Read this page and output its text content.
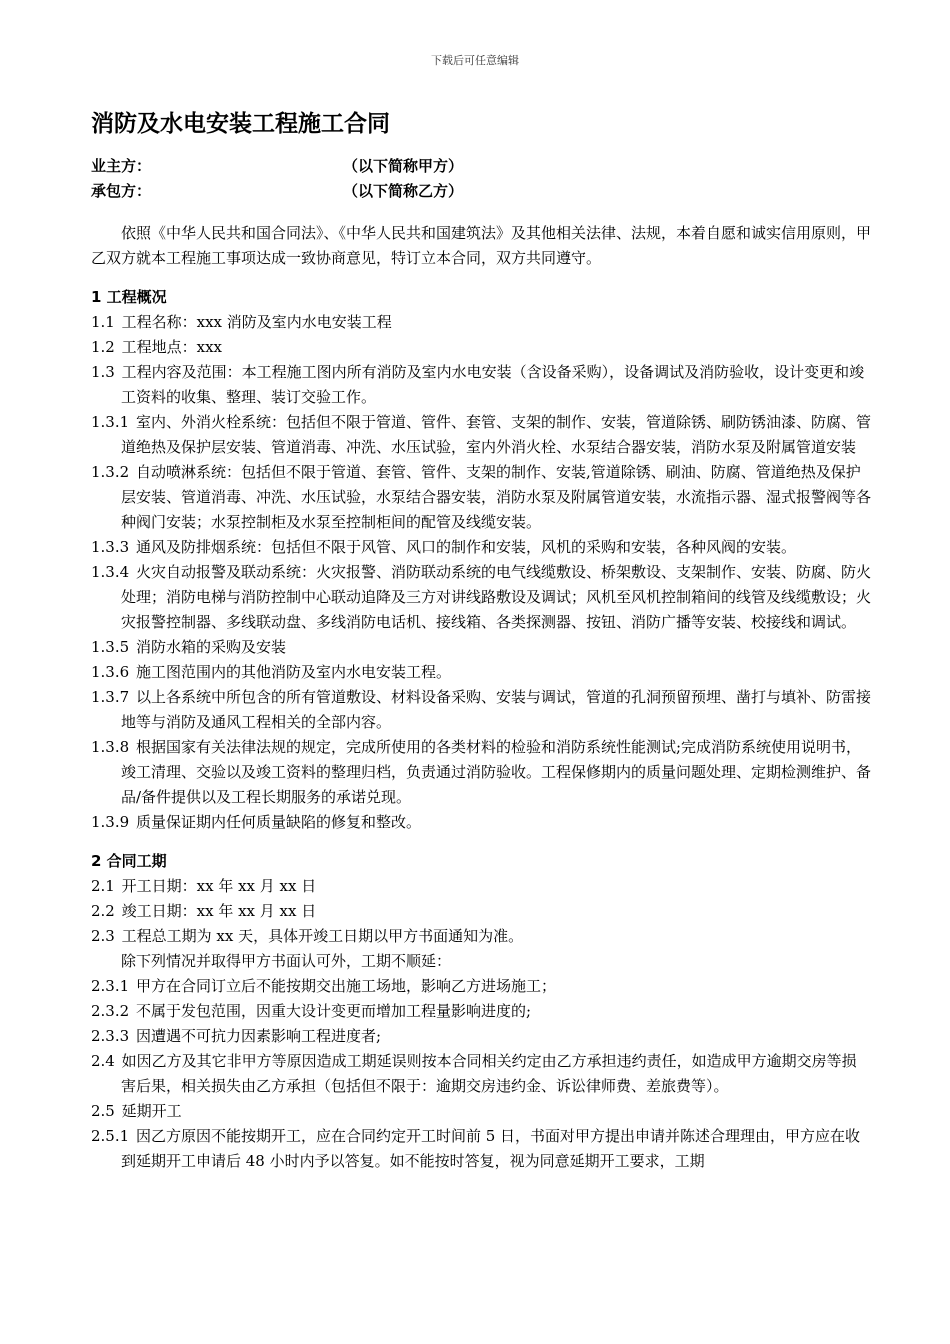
下载后可任意编辑
消防及水电安装工程施工合同
业主方：	（以下简称甲方）
承包方：	（以下简称乙方）
依照《中华人民共和国合同法》、《中华人民共和国建筑法》及其他相关法律、法规，本着自愿和诚实信用原则，甲乙双方就本工程施工事项达成一致协商意见，特订立本合同，双方共同遵守。
1 工程概况
1.1 工程名称：xxx 消防及室内水电安装工程
1.2 工程地点：xxx
1.3 工程内容及范围：本工程施工图内所有消防及室内水电安装（含设备采购），设备调试及消防验收，设计变更和竣工资料的收集、整理、装订交验工作。
1.3.1 室内、外消火栓系统：包括但不限于管道、管件、套管、支架的制作、安装，管道除锈、刷防锈油漆、防腐、管道绝热及保护层安装、管道消毒、冲洗、水压试验，室内外消火栓、水泵结合器安装，消防水泵及附属管道安装
1.3.2 自动喷淋系统：包括但不限于管道、套管、管件、支架的制作、安装,管道除锈、刷油、防腐、管道绝热及保护层安装、管道消毒、冲洗、水压试验，水泵结合器安装，消防水泵及附属管道安装，水流指示器、湿式报警阀等各种阀门安装；水泵控制柜及水泵至控制柜间的配管及线缆安装。
1.3.3 通风及防排烟系统：包括但不限于风管、风口的制作和安装，风机的采购和安装，各种风阀的安装。
1.3.4 火灾自动报警及联动系统：火灾报警、消防联动系统的电气线缆敷设、桥架敷设、支架制作、安装、防腐、防火处理；消防电梯与消防控制中心联动追降及三方对讲线路敷设及调试；风机至风机控制箱间的线管及线缆敷设；火灾报警控制器、多线联动盘、多线消防电话机、接线箱、各类探测器、按钮、消防广播等安装、校接线和调试。
1.3.5 消防水箱的采购及安装
1.3.6 施工图范围内的其他消防及室内水电安装工程。
1.3.7 以上各系统中所包含的所有管道敷设、材料设备采购、安装与调试，管道的孔洞预留预埋、凿打与填补、防雷接地等与消防及通风工程相关的全部内容。
1.3.8 根据国家有关法律法规的规定，完成所使用的各类材料的检验和消防系统性能测试;完成消防系统使用说明书，竣工清理、交验以及竣工资料的整理归档，负责通过消防验收。工程保修期内的质量问题处理、定期检测维护、备品/备件提供以及工程长期服务的承诺兑现。
1.3.9 质量保证期内任何质量缺陷的修复和整改。
2 合同工期
2.1 开工日期：xx 年 xx 月 xx 日
2.2 竣工日期：xx 年 xx 月 xx 日
2.3 工程总工期为 xx 天，具体开竣工日期以甲方书面通知为准。
除下列情况并取得甲方书面认可外，工期不顺延：
2.3.1 甲方在合同订立后不能按期交出施工场地，影响乙方进场施工；
2.3.2 不属于发包范围，因重大设计变更而增加工程量影响进度的;
2.3.3 因遭遇不可抗力因素影响工程进度者;
2.4 如因乙方及其它非甲方等原因造成工期延误则按本合同相关约定由乙方承担违约责任，如造成甲方逾期交房等损害后果，相关损失由乙方承担（包括但不限于：逾期交房违约金、诉讼律师费、差旅费等）。
2.5 延期开工
2.5.1 因乙方原因不能按期开工，应在合同约定开工时间前 5 日，书面对甲方提出申请并陈述合理理由，甲方应在收到延期开工申请后 48 小时内予以答复。如不能按时答复，视为同意延期开工要求，工期
